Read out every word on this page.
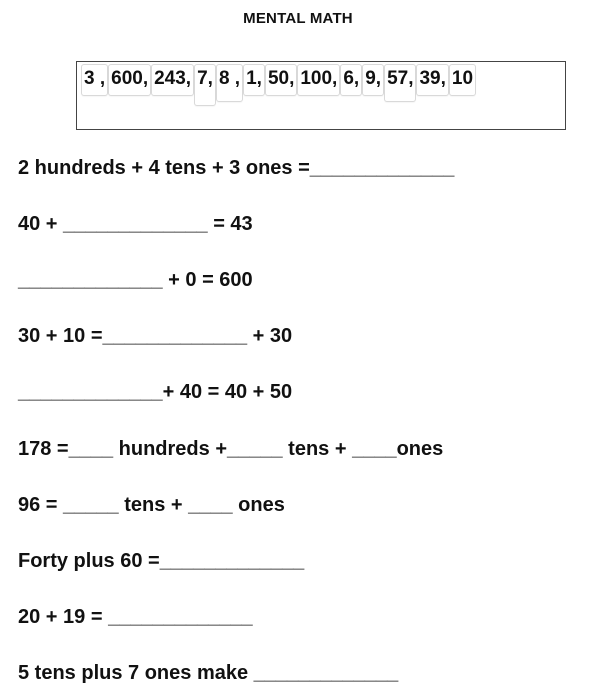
MENTAL MATH
3 , 600, 243, 7, 8 , 1, 50, 100, 6, 9, 57, 39, 10
2 hundreds + 4 tens + 3 ones =_____________
40 + _____________ = 43
_____________ + 0 = 600
30 + 10 =_____________ + 30
_____________+ 40 = 40 + 50
178 =____ hundreds +_____ tens + ____ones
96 = _____ tens + ____ ones
Forty plus 60 =_____________
20 + 19 = _____________
5 tens plus 7 ones make _____________
